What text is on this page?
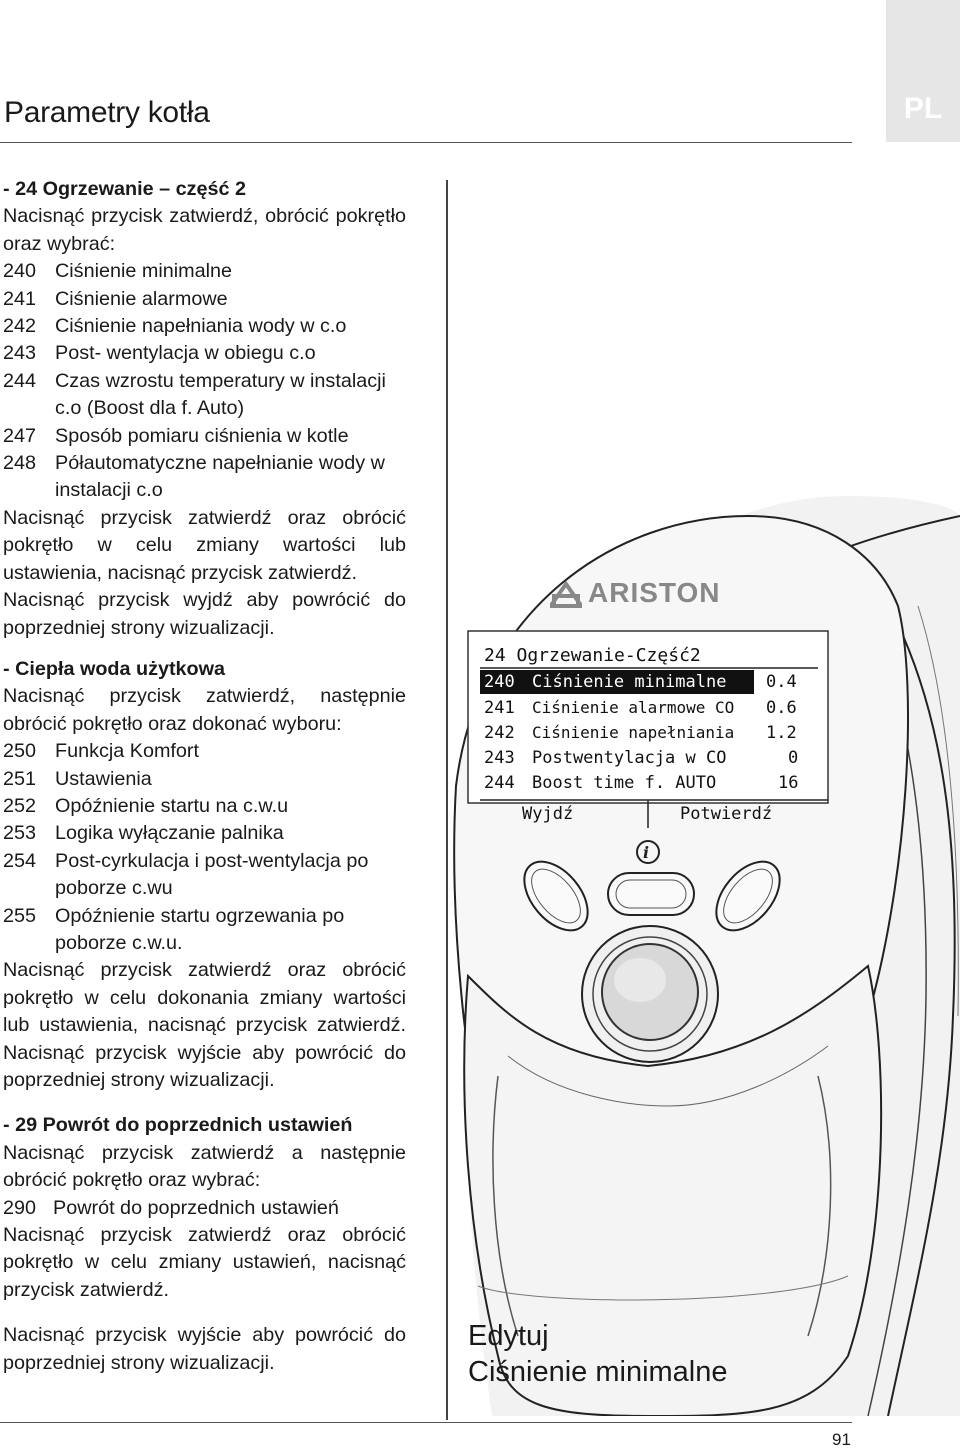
Parametry kotła	PL

- 24 Ogrzewanie – część 2

Nacisnąć przycisk zatwierdź, obrócić pokrętło oraz wybrać:

240 Ciśnienie minimalne
241 Ciśnienie alarmowe
242 Ciśnienie napełniania wody w c.o
243 Post- wentylacja w obiegu c.o
244 Czas wzrostu temperatury w instalacji c.o (Boost dla f. Auto)
247 Sposób pomiaru ciśnienia w kotle
248 Półautomatyczne napełnianie wody w instalacji c.o

Nacisnąć przycisk zatwierdź oraz obrócić pokrętło w celu zmiany wartości lub ustawienia, nacisnąć przycisk zatwierdź.

Nacisnąć przycisk wyjdź aby powrócić do poprzedniej strony wizualizacji.

- Ciepła woda użytkowa

Nacisnąć przycisk zatwierdź, następnie obrócić pokrętło oraz dokonać wyboru:

250 Funkcja Komfort
251 Ustawienia
252 Opóźnienie startu na c.w.u
253 Logika wyłączanie palnika
254 Post-cyrkulacja i post-wentylacja po poborze c.wu
255 Opóźnienie startu ogrzewania po poborze c.w.u.

Nacisnąć przycisk zatwierdź oraz obrócić pokrętło w celu dokonania zmiany wartości lub ustawienia, nacisnąć przycisk zatwierdź. Nacisnąć przycisk wyjście aby powrócić do poprzedniej strony wizualizacji.

- 29 Powrót do poprzednich ustawień

Nacisnąć przycisk zatwierdź a następnie obrócić pokrętło oraz wybrać:

290 Powrót do poprzednich ustawień

Nacisnąć przycisk zatwierdź oraz obrócić pokrętło w celu zmiany ustawień, nacisnąć przycisk zatwierdź.

Nacisnąć przycisk wyjście aby powrócić do poprzedniej strony wizualizacji.

ARISTON
24 Ogrzewanie-Część2
240 Ciśnienie minimalne 0.4
241 Ciśnienie alarmowe CO 0.6
242 Ciśnienie napełniania 1.2
243 Postwentylacja w CO	0
244 Boost time f. AUTO	16
Wyjdź	Potwierdź
i
Edytuj
Ciśnienie minimalne
91
